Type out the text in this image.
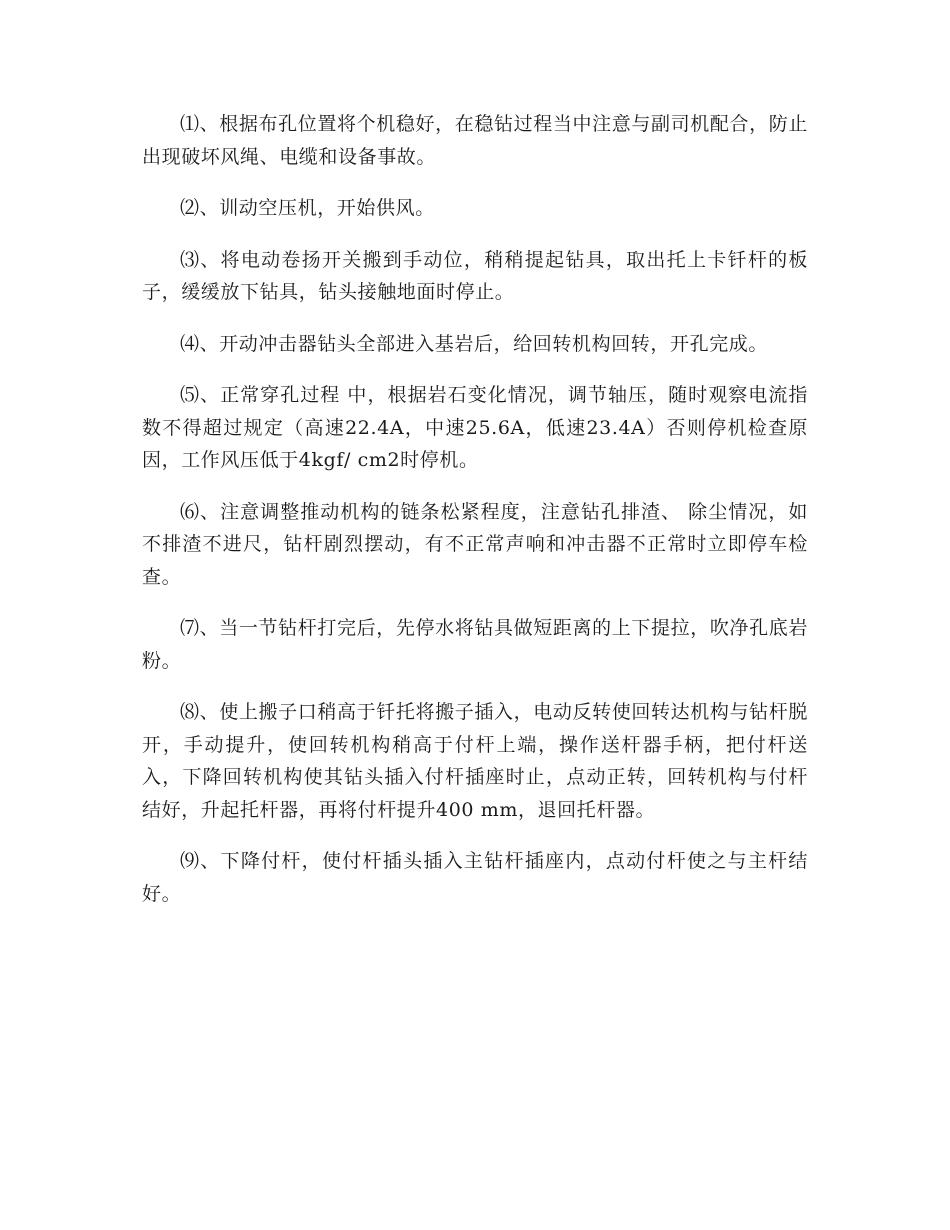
⑴、根据布孔位置将个机稳好，在稳钻过程当中注意与副司机配合，防止出现破坏风绳、电缆和设备事故。

⑵、训动空压机，开始供风。

⑶、将电动卷扬开关搬到手动位，稍稍提起钻具，取出托上卡钎杆的板子，缓缓放下钻具，钻头接触地面时停止。

⑷、开动冲击器钻头全部进入基岩后，给回转机构回转，开孔完成。

⑸、正常穿孔过程 中，根据岩石变化情况，调节轴压，随时观察电流指数不得超过规定（高速22.4A，中速25.6A，低速23.4A）否则停机检查原因，工作风压低于4kgf/ cm2时停机。

⑹、注意调整推动机构的链条松紧程度，注意钻孔排渣、 除尘情况，如不排渣不进尺，钻杆剧烈摆动，有不正常声响和冲击器不正常时立即停车检查。

⑺、当一节钻杆打完后，先停水将钻具做短距离的上下提拉，吹净孔底岩粉。

⑻、使上搬子口稍高于钎托将搬子插入，电动反转使回转达机构与钻杆脱开，手动提升，使回转机构稍高于付杆上端，操作送杆器手柄，把付杆送入，下降回转机构使其钻头插入付杆插座时止，点动正转，回转机构与付杆结好，升起托杆器，再将付杆提升400 mm，退回托杆器。

⑼、下降付杆，使付杆插头插入主钻杆插座内，点动付杆使之与主杆结好。
